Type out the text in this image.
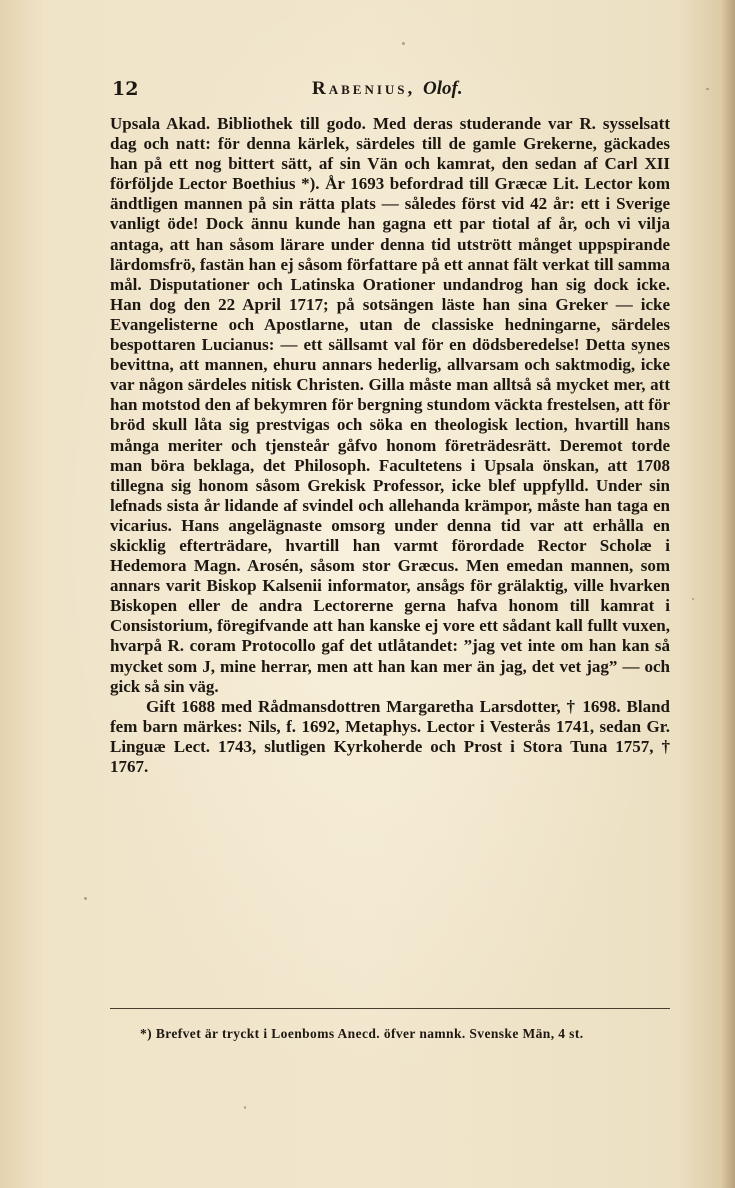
12	Rabenius, Olof.

Upsala Akad. Bibliothek till godo. Med deras studerande var R. sysselsatt dag och natt: för denna kärlek, särdeles till de gamle Grekerne, gäckades han på ett nog bittert sätt, af sin Vän och kamrat, den sedan af Carl XII förföljde Lector Boethius *). År 1693 befordrad till Græcæ Lit. Lector kom ändtligen mannen på sin rätta plats — således först vid 42 år: ett i Sverige vanligt öde! Dock ännu kunde han gagna ett par tiotal af år, och vi vilja antaga, att han såsom lärare under denna tid utstrött månget uppspirande lärdomsfrö, fastän han ej såsom författare på ett annat fält verkat till samma mål. Disputationer och Latinska Orationer undandrog han sig dock icke. Han dog den 22 April 1717; på sotsängen läste han sina Greker — icke Evangelisterne och Apostlarne, utan de classiske hedningarne, särdeles bespottaren Lucianus: — ett sällsamt val för en dödsberedelse! Detta synes bevittna, att mannen, ehuru annars hederlig, allvarsam och saktmodig, icke var någon särdeles nitisk Christen. Gilla måste man alltså så mycket mer, att han motstod den af bekymren för bergning stundom väckta frestelsen, att för bröd skull låta sig prestvigas och söka en theologisk lection, hvartill hans många meriter och tjensteår gåfvo honom företrädesrätt. Deremot torde man böra beklaga, det Philosoph. Facultetens i Upsala önskan, att 1708 tillegna sig honom såsom Grekisk Professor, icke blef uppfylld. Under sin lefnads sista år lidande af svindel och allehanda krämpor, måste han taga en vicarius. Hans angelägnaste omsorg under denna tid var att erhålla en skicklig efterträdare, hvartill han varmt förordade Rector Scholæ i Hedemora Magn. Arosén, såsom stor Græcus. Men emedan mannen, som annars varit Biskop Kalsenii informator, ansågs för grälaktig, ville hvarken Biskopen eller de andra Lectorerne gerna hafva honom till kamrat i Consistorium, föregifvande att han kanske ej vore ett sådant kall fullt vuxen, hvarpå R. coram Protocollo gaf det utlåtandet: ”jag vet inte om han kan så mycket som J, mine herrar, men att han kan mer än jag, det vet jag” — och gick så sin väg.

Gift 1688 med Rådmansdottren Margaretha Larsdotter, † 1698. Bland fem barn märkes: Nils, f. 1692, Metaphys. Lector i Vesterås 1741, sedan Gr. Linguæ Lect. 1743, slutligen Kyrkoherde och Prost i Stora Tuna 1757, † 1767.

*) Brefvet är tryckt i Loenboms Anecd. öfver namnk. Svenske Män, 4 st.
